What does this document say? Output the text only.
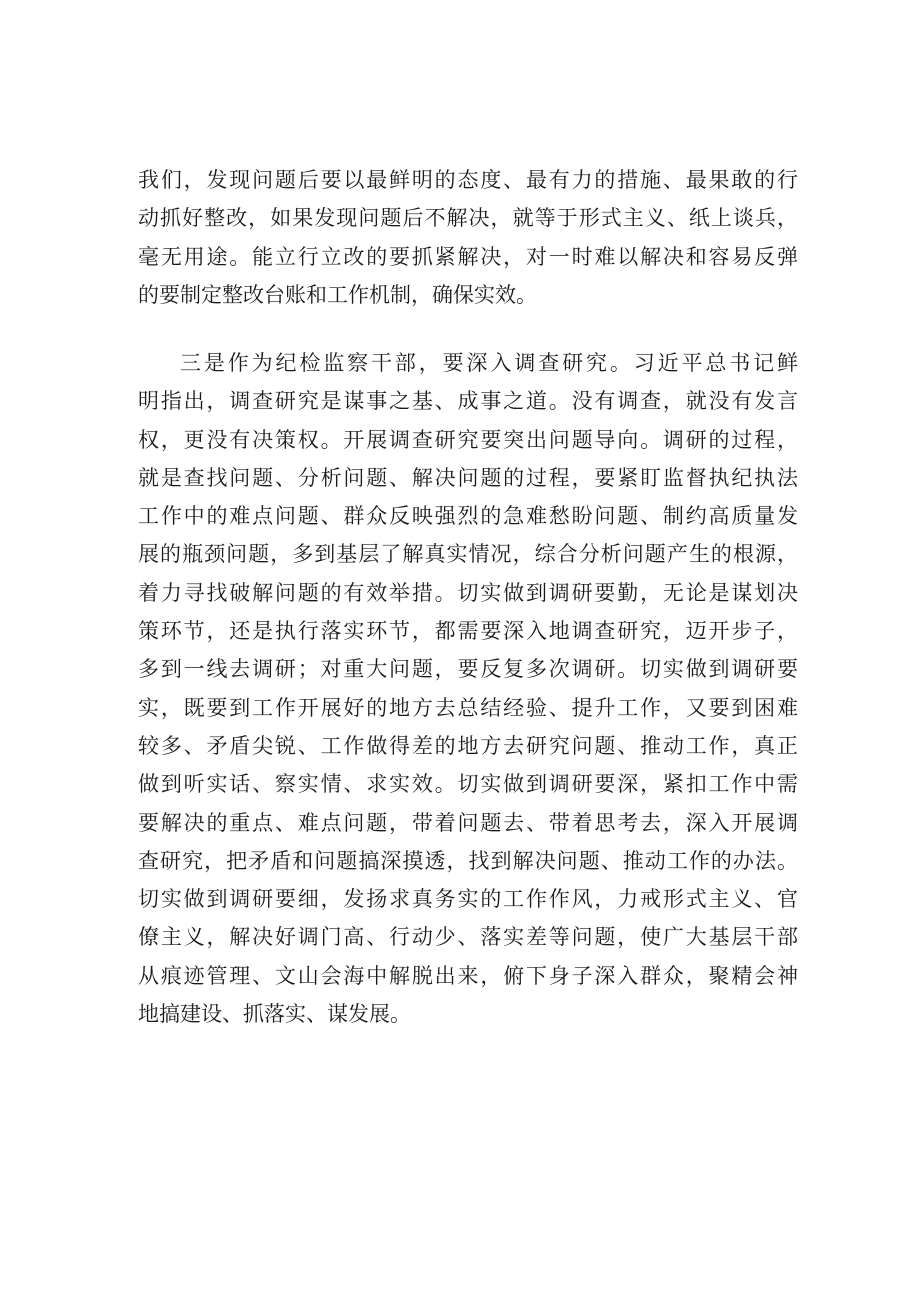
我们，发现问题后要以最鲜明的态度、最有力的措施、最果敢的行
动抓好整改，如果发现问题后不解决，就等于形式主义、纸上谈兵，
毫无用途。能立行立改的要抓紧解决，对一时难以解决和容易反弹
的要制定整改台账和工作机制，确保实效。
三是作为纪检监察干部，要深入调查研究。习近平总书记鲜
明指出，调查研究是谋事之基、成事之道。没有调查，就没有发言
权，更没有决策权。开展调查研究要突出问题导向。调研的过程，
就是查找问题、分析问题、解决问题的过程，要紧盯监督执纪执法
工作中的难点问题、群众反映强烈的急难愁盼问题、制约高质量发
展的瓶颈问题，多到基层了解真实情况，综合分析问题产生的根源，
着力寻找破解问题的有效举措。切实做到调研要勤，无论是谋划决
策环节，还是执行落实环节，都需要深入地调查研究，迈开步子，
多到一线去调研；对重大问题，要反复多次调研。切实做到调研要
实，既要到工作开展好的地方去总结经验、提升工作，又要到困难
较多、矛盾尖锐、工作做得差的地方去研究问题、推动工作，真正
做到听实话、察实情、求实效。切实做到调研要深，紧扣工作中需
要解决的重点、难点问题，带着问题去、带着思考去，深入开展调
查研究，把矛盾和问题搞深摸透，找到解决问题、推动工作的办法。
切实做到调研要细，发扬求真务实的工作作风，力戒形式主义、官
僚主义，解决好调门高、行动少、落实差等问题，使广大基层干部
从痕迹管理、文山会海中解脱出来，俯下身子深入群众，聚精会神
地搞建设、抓落实、谋发展。
